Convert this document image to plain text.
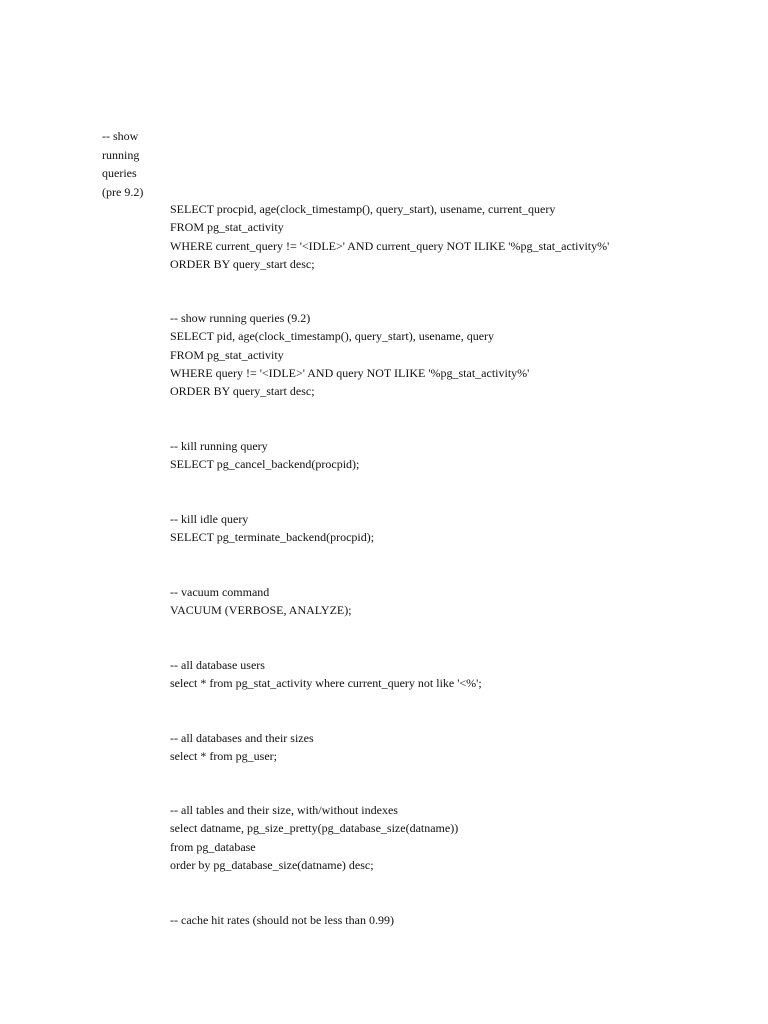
-- show
running
queries
(pre 9.2)
SELECT procpid, age(clock_timestamp(), query_start), usename, current_query
FROM pg_stat_activity
WHERE current_query != '<IDLE>' AND current_query NOT ILIKE '%pg_stat_activity%'
ORDER BY query_start desc;
-- show running queries (9.2)
SELECT pid, age(clock_timestamp(), query_start), usename, query
FROM pg_stat_activity
WHERE query != '<IDLE>' AND query NOT ILIKE '%pg_stat_activity%'
ORDER BY query_start desc;
-- kill running query
SELECT pg_cancel_backend(procpid);
-- kill idle query
SELECT pg_terminate_backend(procpid);
-- vacuum command
VACUUM (VERBOSE, ANALYZE);
-- all database users
select * from pg_stat_activity where current_query not like '<%';
-- all databases and their sizes
select * from pg_user;
-- all tables and their size, with/without indexes
select datname, pg_size_pretty(pg_database_size(datname))
from pg_database
order by pg_database_size(datname) desc;
-- cache hit rates (should not be less than 0.99)
